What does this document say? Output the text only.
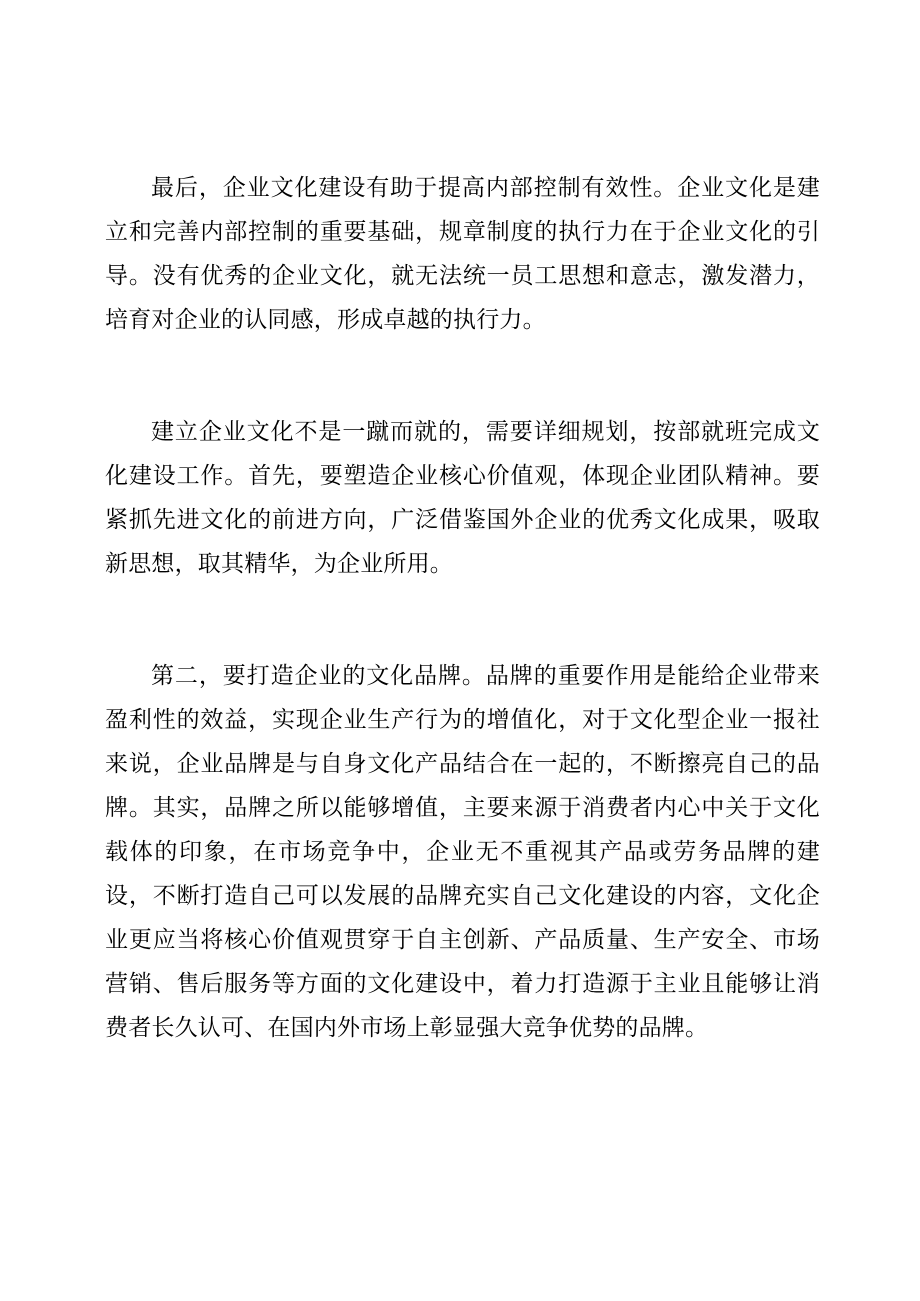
最后，企业文化建设有助于提高内部控制有效性。企业文化是建立和完善内部控制的重要基础，规章制度的执行力在于企业文化的引导。没有优秀的企业文化，就无法统一员工思想和意志，激发潜力，培育对企业的认同感，形成卓越的执行力。

建立企业文化不是一蹴而就的，需要详细规划，按部就班完成文化建设工作。首先，要塑造企业核心价值观，体现企业团队精神。要紧抓先进文化的前进方向，广泛借鉴国外企业的优秀文化成果，吸取新思想，取其精华，为企业所用。

第二，要打造企业的文化品牌。品牌的重要作用是能给企业带来盈利性的效益，实现企业生产行为的增值化，对于文化型企业一报社来说，企业品牌是与自身文化产品结合在一起的，不断擦亮自己的品牌。其实，品牌之所以能够增值，主要来源于消费者内心中关于文化载体的印象，在市场竞争中，企业无不重视其产品或劳务品牌的建设，不断打造自己可以发展的品牌充实自己文化建设的内容，文化企业更应当将核心价值观贯穿于自主创新、产品质量、生产安全、市场营销、售后服务等方面的文化建设中，着力打造源于主业且能够让消费者长久认可、在国内外市场上彰显强大竞争优势的品牌。
